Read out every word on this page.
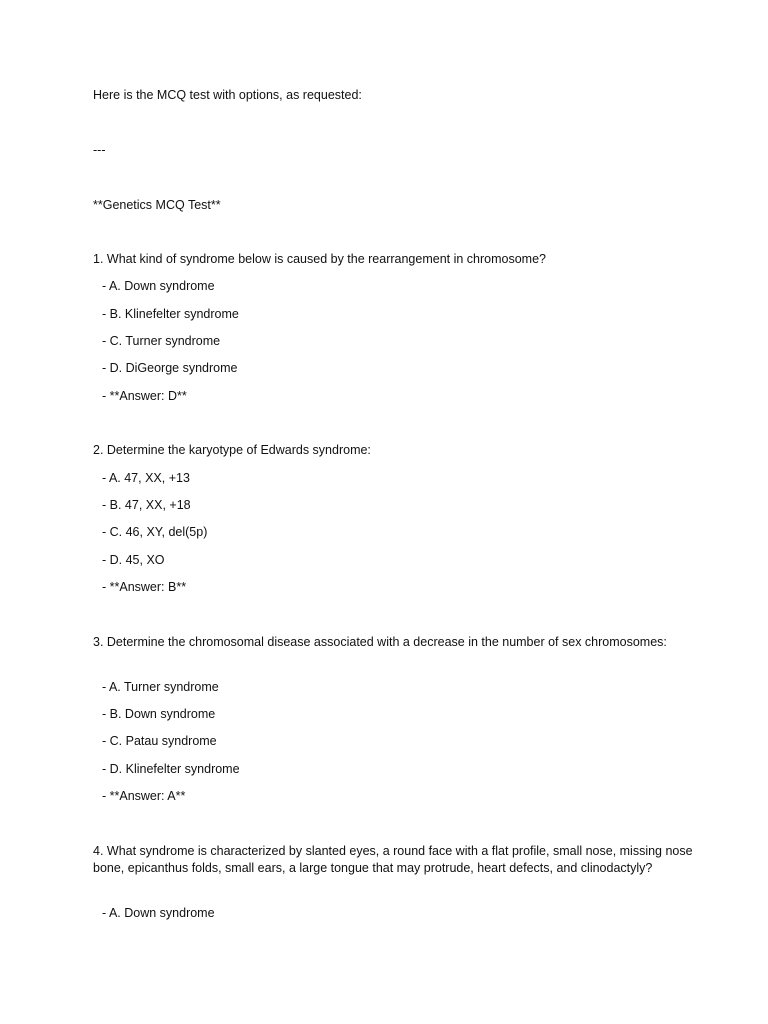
Here is the MCQ test with options, as requested:
---
**Genetics MCQ Test**
1. What kind of syndrome below is caused by the rearrangement in chromosome?
- A. Down syndrome
- B. Klinefelter syndrome
- C. Turner syndrome
- D. DiGeorge syndrome
- **Answer: D**
2. Determine the karyotype of Edwards syndrome:
- A. 47, XX, +13
- B. 47, XX, +18
- C. 46, XY, del(5p)
- D. 45, XO
- **Answer: B**
3. Determine the chromosomal disease associated with a decrease in the number of sex chromosomes:
- A. Turner syndrome
- B. Down syndrome
- C. Patau syndrome
- D. Klinefelter syndrome
- **Answer: A**
4. What syndrome is characterized by slanted eyes, a round face with a flat profile, small nose, missing nose bone, epicanthus folds, small ears, a large tongue that may protrude, heart defects, and clinodactyly?
- A. Down syndrome
